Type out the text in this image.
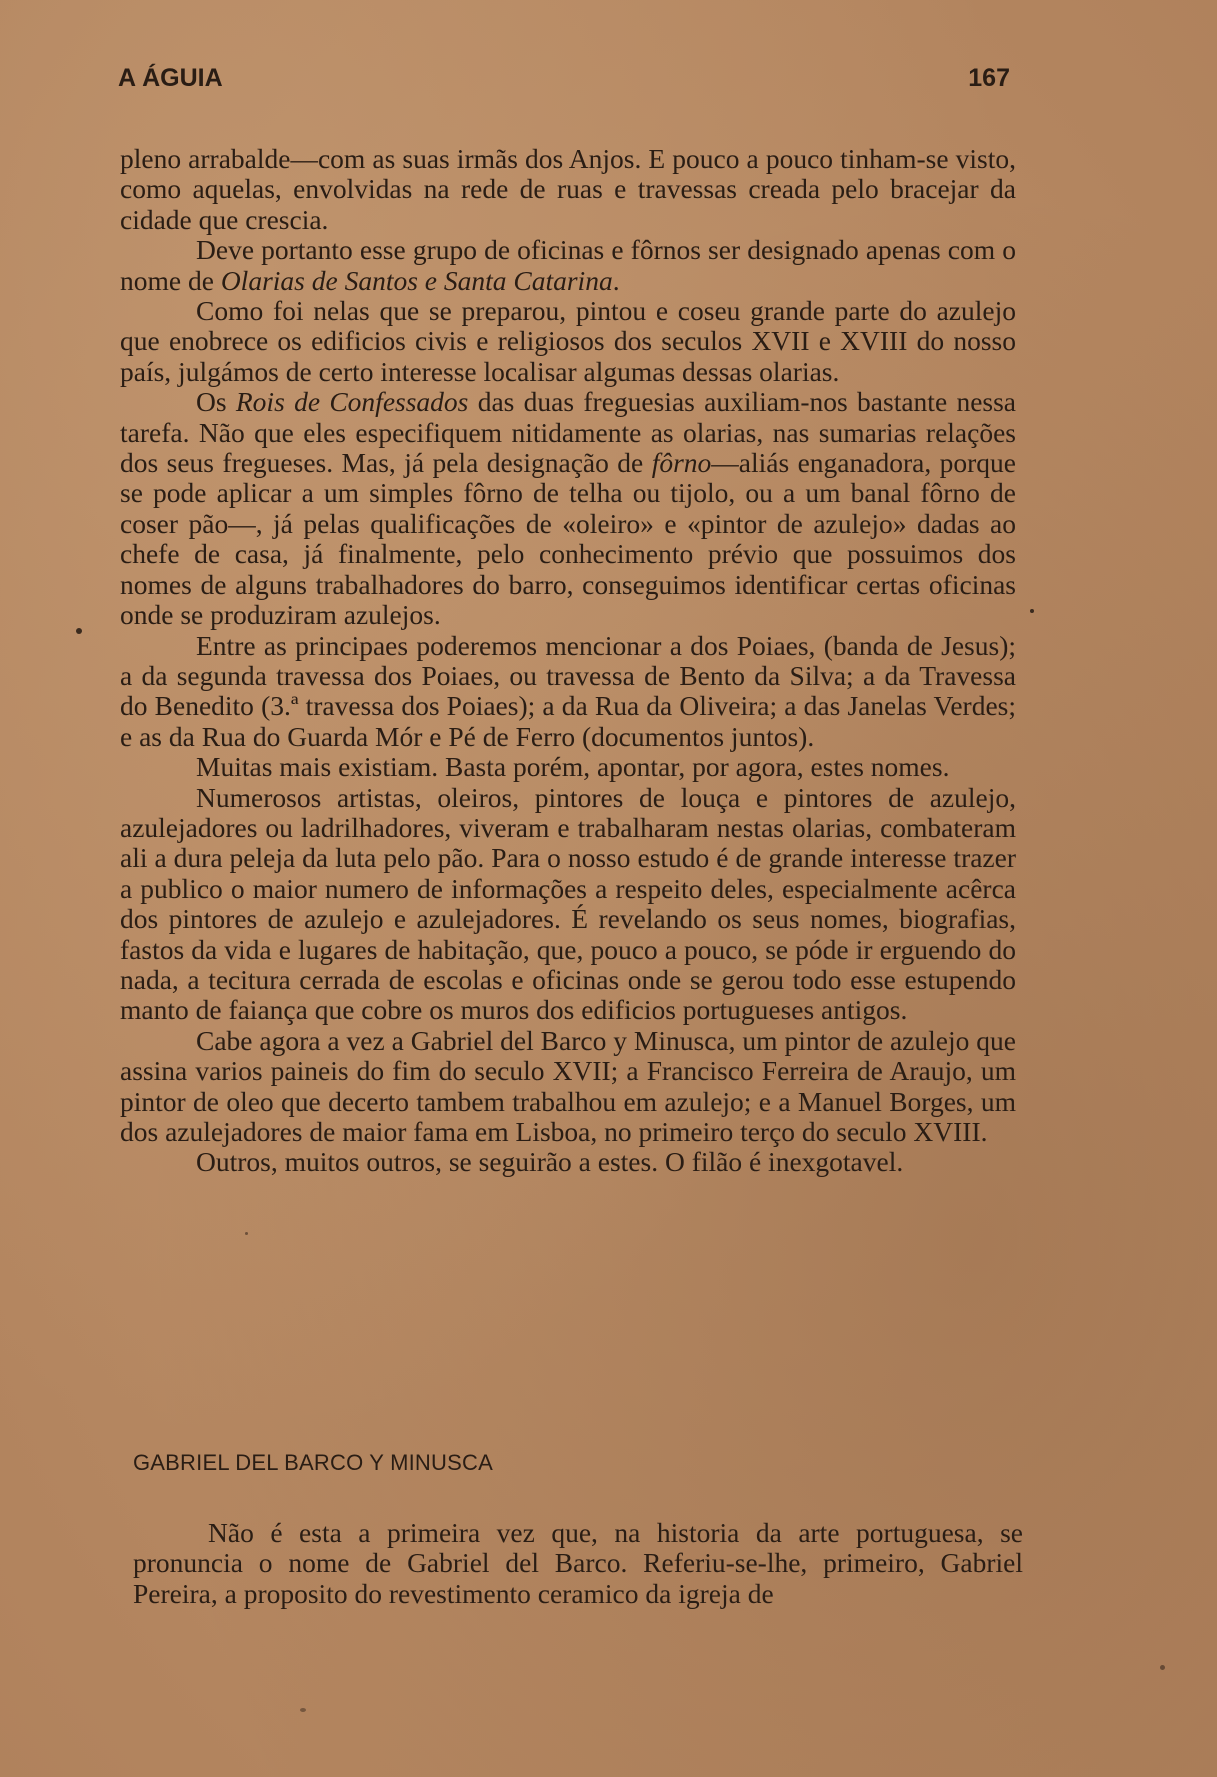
A ÁGUIA	167

pleno arrabalde—com as suas irmãs dos Anjos. E pouco a pouco tinham-se visto, como aquelas, envolvidas na rede de ruas e travessas creada pelo bracejar da cidade que crescia.

Deve portanto esse grupo de oficinas e fôrnos ser designado apenas com o nome de Olarias de Santos e Santa Catarina.

Como foi nelas que se preparou, pintou e coseu grande parte do azulejo que enobrece os edificios civis e religiosos dos seculos XVII e XVIII do nosso país, julgámos de certo interesse localisar algumas dessas olarias.

Os Rois de Confessados das duas freguesias auxiliam-nos bastante nessa tarefa. Não que eles especifiquem nitidamente as olarias, nas sumarias relações dos seus fregueses. Mas, já pela designação de fôrno—aliás enganadora, porque se pode aplicar a um simples fôrno de telha ou tijolo, ou a um banal fôrno de coser pão—, já pelas qualificações de «oleiro» e «pintor de azulejo» dadas ao chefe de casa, já finalmente, pelo conhecimento prévio que possuimos dos nomes de alguns trabalhadores do barro, conseguimos identificar certas oficinas onde se produziram azulejos.

Entre as principaes poderemos mencionar a dos Poiaes, (banda de Jesus); a da segunda travessa dos Poiaes, ou travessa de Bento da Silva; a da Travessa do Benedito (3.ª travessa dos Poiaes); a da Rua da Oliveira; a das Janelas Verdes; e as da Rua do Guarda Mór e Pé de Ferro (documentos juntos).

Muitas mais existiam. Basta porém, apontar, por agora, estes nomes.

Numerosos artistas, oleiros, pintores de louça e pintores de azulejo, azulejadores ou ladrilhadores, viveram e trabalharam nestas olarias, combateram ali a dura peleja da luta pelo pão. Para o nosso estudo é de grande interesse trazer a publico o maior numero de informações a respeito deles, especialmente acêrca dos pintores de azulejo e azulejadores. É revelando os seus nomes, biografias, fastos da vida e lugares de habitação, que, pouco a pouco, se póde ir erguendo do nada, a tecitura cerrada de escolas e oficinas onde se gerou todo esse estupendo manto de faiança que cobre os muros dos edificios portugueses antigos.

Cabe agora a vez a Gabriel del Barco y Minusca, um pintor de azulejo que assina varios paineis do fim do seculo XVII; a Francisco Ferreira de Araujo, um pintor de oleo que decerto tambem trabalhou em azulejo; e a Manuel Borges, um dos azulejadores de maior fama em Lisboa, no primeiro terço do seculo XVIII.

Outros, muitos outros, se seguirão a estes. O filão é inexgotavel.

GABRIEL DEL BARCO Y MINUSCA

Não é esta a primeira vez que, na historia da arte portuguesa, se pronuncia o nome de Gabriel del Barco. Referiu-se-lhe, primeiro, Gabriel Pereira, a proposito do revestimento ceramico da igreja de
